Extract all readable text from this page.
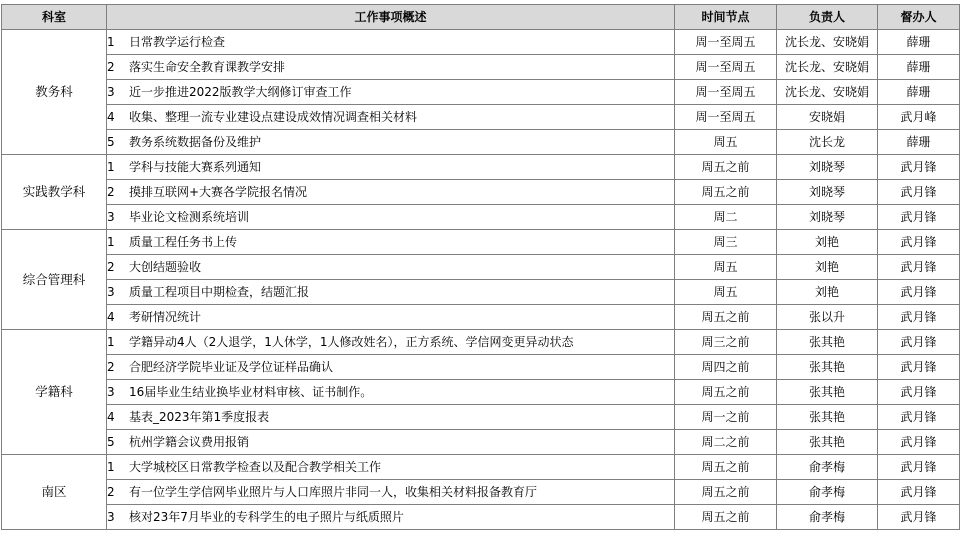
科室	工作事项概述	时间节点	负责人	督办人
教务科	1 日常教学运行检查	周一至周五	沈长龙、安晓娟	薛珊
	2 落实生命安全教育课教学安排	周一至周五	沈长龙、安晓娟	薛珊
	3 近一步推进2022版教学大纲修订审查工作	周一至周五	沈长龙、安晓娟	薛珊
	4 收集、整理一流专业建设点建设成效情况调查相关材料	周一至周五	安晓娟	武月峰
	5 教务系统数据备份及维护	周五	沈长龙	薛珊
实践教学科	1 学科与技能大赛系列通知	周五之前	刘晓琴	武月锋
	2 摸排互联网+大赛各学院报名情况	周五之前	刘晓琴	武月锋
	3 毕业论文检测系统培训	周二	刘晓琴	武月锋
综合管理科	1 质量工程任务书上传	周三	刘艳	武月锋
	2 大创结题验收	周五	刘艳	武月锋
	3 质量工程项目中期检查，结题汇报	周五	刘艳	武月锋
	4 考研情况统计	周五之前	张以升	武月锋
学籍科	1 学籍异动4人（2人退学，1人休学，1人修改姓名），正方系统、学信网变更异动状态	周三之前	张其艳	武月锋
	2 合肥经济学院毕业证及学位证样品确认	周四之前	张其艳	武月锋
	3 16届毕业生结业换毕业材料审核、证书制作。	周五之前	张其艳	武月锋
	4 基表_2023年第1季度报表	周一之前	张其艳	武月锋
	5 杭州学籍会议费用报销	周二之前	张其艳	武月锋
南区	1 大学城校区日常教学检查以及配合教学相关工作	周五之前	俞孝梅	武月锋
	2 有一位学生学信网毕业照片与人口库照片非同一人，收集相关材料报备教育厅	周五之前	俞孝梅	武月锋
	3 核对23年7月毕业的专科学生的电子照片与纸质照片	周五之前	俞孝梅	武月锋
